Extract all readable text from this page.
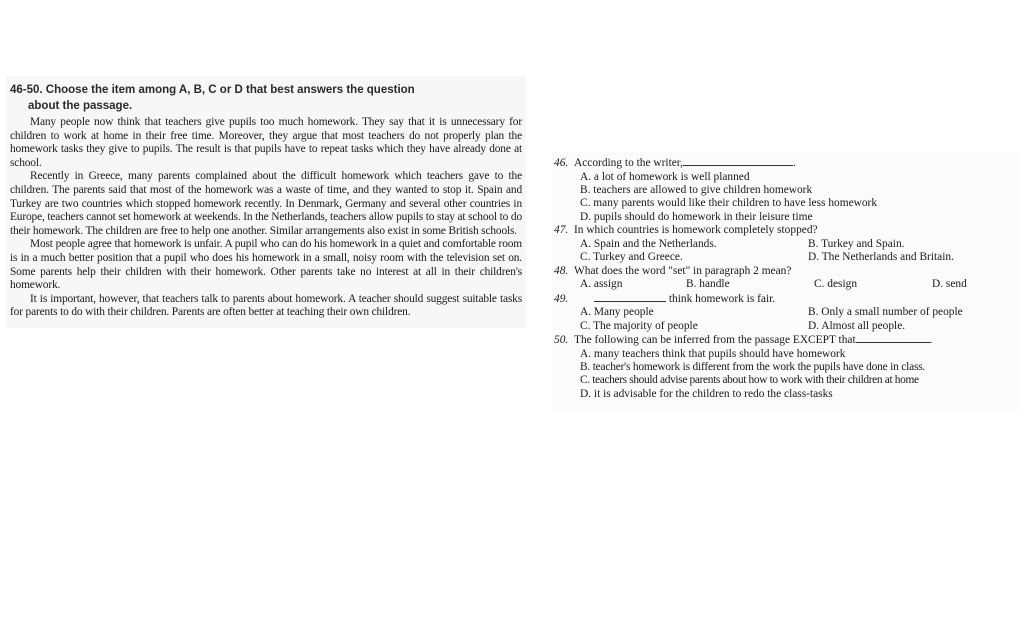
46-50. Choose the item among A, B, C or D that best answers the question
about the passage.

Many people now think that teachers give pupils too much homework. They say that it is unnecessary for children to work at home in their free time. Moreover, they argue that most teachers do not properly plan the homework tasks they give to pupils. The result is that pupils have to repeat tasks which they have already done at school.

Recently in Greece, many parents complained about the difficult homework which teachers gave to the children. The parents said that most of the homework was a waste of time, and they wanted to stop it. Spain and Turkey are two countries which stopped homework recently. In Denmark, Germany and several other countries in Europe, teachers cannot set homework at weekends. In the Netherlands, teachers allow pupils to stay at school to do their homework. The children are free to help one another. Similar arrangements also exist in some British schools.

Most people agree that homework is unfair. A pupil who can do his homework in a quiet and comfortable room is in a much better position that a pupil who does his homework in a small, noisy room with the television set on. Some parents help their children with their homework. Other parents take no interest at all in their children's homework.

It is important, however, that teachers talk to parents about homework. A teacher should suggest suitable tasks for parents to do with their children. Parents are often better at teaching their own children.

46. According to the writer,	.
A. a lot of homework is well planned
B. teachers are allowed to give children homework
C. many parents would like their children to have less homework
D. pupils should do homework in their leisure time
47. In which countries is homework completely stopped?
A. Spain and the Netherlands.	B. Turkey and Spain.
C. Turkey and Greece.	D. The Netherlands and Britain.
48. What does the word "set" in paragraph 2 mean?
A. assign	B. handle	C. design	D. send
49.	think homework is fair.
A. Many people	B. Only a small number of people
C. The majority of people	D. Almost all people.
50. The following can be inferred from the passage EXCEPT that	.
A. many teachers think that pupils should have homework
B. teacher's homework is different from the work the pupils have done in class.
C. teachers should advise parents about how to work with their children at home
D. it is advisable for the children to redo the class-tasks
